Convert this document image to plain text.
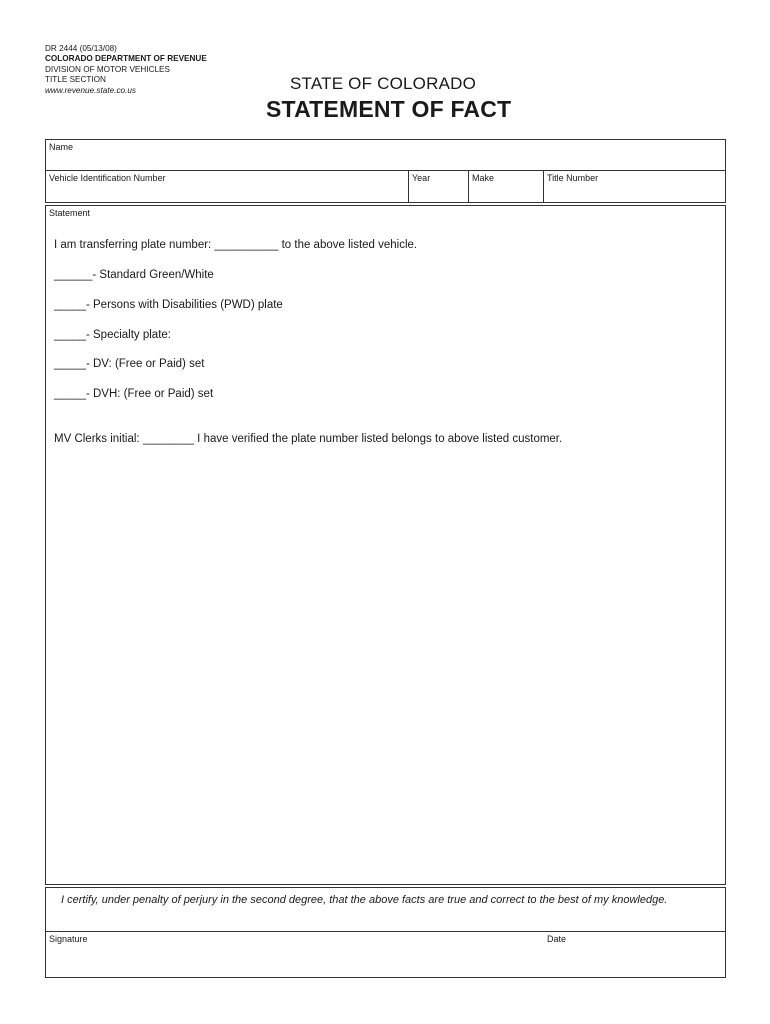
DR 2444 (05/13/08)
COLORADO DEPARTMENT OF REVENUE
DIVISION OF MOTOR VEHICLES
TITLE SECTION
www.revenue.state.co.us	STATE OF COLORADO
STATEMENT OF FACT
Name
Vehicle Identification Number	Year	Make	Title Number
Statement
I am transferring plate number: __________ to the above listed vehicle.
______- Standard Green/White
_____- Persons with Disabilities (PWD) plate
_____- Specialty plate:
_____- DV: (Free or Paid) set
_____- DVH: (Free or Paid) set
MV Clerks initial: ________ I have verified the plate number listed belongs to above listed customer.
I certify, under penalty of perjury in the second degree, that the above facts are true and correct to the best of my knowledge.
Signature	Date
